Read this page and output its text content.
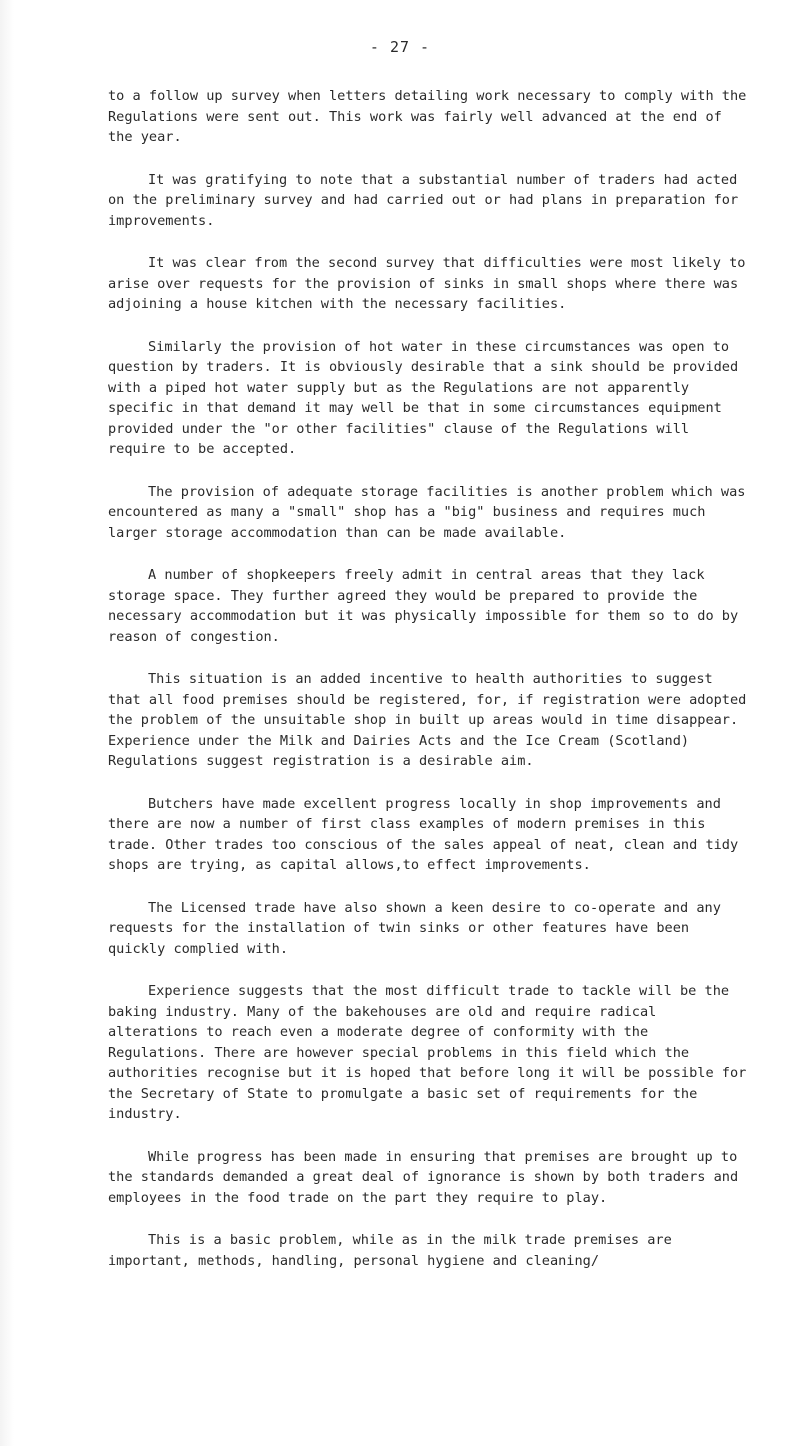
- 27 -

to a follow up survey when letters detailing work necessary to comply with the Regulations were sent out. This work was fairly well advanced at the end of the year.

It was gratifying to note that a substantial number of traders had acted on the preliminary survey and had carried out or had plans in preparation for improvements.

It was clear from the second survey that difficulties were most likely to arise over requests for the provision of sinks in small shops where there was adjoining a house kitchen with the necessary facilities.

Similarly the provision of hot water in these circumstances was open to question by traders. It is obviously desirable that a sink should be provided with a piped hot water supply but as the Regulations are not apparently specific in that demand it may well be that in some circumstances equipment provided under the "or other facilities" clause of the Regulations will require to be accepted.

The provision of adequate storage facilities is another problem which was encountered as many a "small" shop has a "big" business and requires much larger storage accommodation than can be made available.

A number of shopkeepers freely admit in central areas that they lack storage space. They further agreed they would be prepared to provide the necessary accommodation but it was physically impossible for them so to do by reason of congestion.

This situation is an added incentive to health authorities to suggest that all food premises should be registered, for, if registration were adopted the problem of the unsuitable shop in built up areas would in time disappear. Experience under the Milk and Dairies Acts and the Ice Cream (Scotland) Regulations suggest registration is a desirable aim.

Butchers have made excellent progress locally in shop improvements and there are now a number of first class examples of modern premises in this trade. Other trades too conscious of the sales appeal of neat, clean and tidy shops are trying, as capital allows,to effect improvements.

The Licensed trade have also shown a keen desire to co-operate and any requests for the installation of twin sinks or other features have been quickly complied with.

Experience suggests that the most difficult trade to tackle will be the baking industry. Many of the bakehouses are old and require radical alterations to reach even a moderate degree of conformity with the Regulations. There are however special problems in this field which the authorities recognise but it is hoped that before long it will be possible for the Secretary of State to promulgate a basic set of requirements for the industry.

While progress has been made in ensuring that premises are brought up to the standards demanded a great deal of ignorance is shown by both traders and employees in the food trade on the part they require to play.

This is a basic problem, while as in the milk trade premises are important, methods, handling, personal hygiene and cleaning/
